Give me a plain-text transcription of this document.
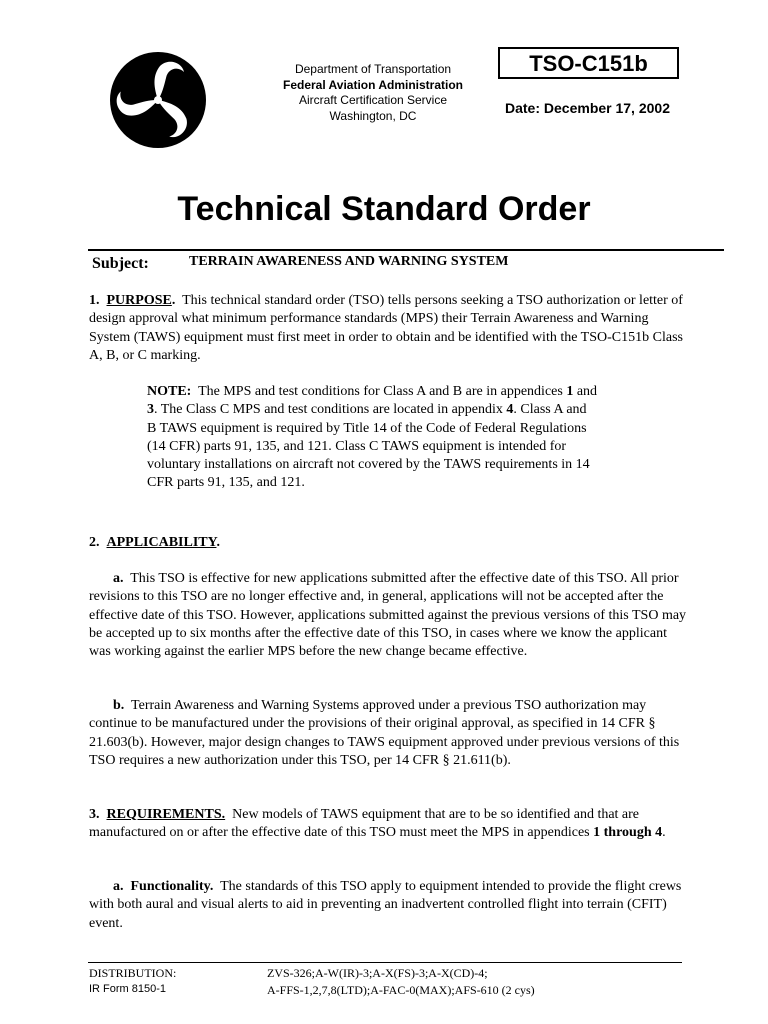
Department of Transportation
Federal Aviation Administration
Aircraft Certification Service
Washington, DC
TSO-C151b
Date: December 17, 2002
Technical Standard Order
Subject:	TERRAIN AWARENESS AND WARNING SYSTEM
1. PURPOSE. This technical standard order (TSO) tells persons seeking a TSO authorization or letter of design approval what minimum performance standards (MPS) their Terrain Awareness and Warning System (TAWS) equipment must first meet in order to obtain and be identified with the TSO-C151b Class A, B, or C marking.
NOTE: The MPS and test conditions for Class A and B are in appendices 1 and 3. The Class C MPS and test conditions are located in appendix 4. Class A and B TAWS equipment is required by Title 14 of the Code of Federal Regulations (14 CFR) parts 91, 135, and 121. Class C TAWS equipment is intended for voluntary installations on aircraft not covered by the TAWS requirements in 14 CFR parts 91, 135, and 121.
2. APPLICABILITY.
a. This TSO is effective for new applications submitted after the effective date of this TSO. All prior revisions to this TSO are no longer effective and, in general, applications will not be accepted after the effective date of this TSO. However, applications submitted against the previous versions of this TSO may be accepted up to six months after the effective date of this TSO, in cases where we know the applicant was working against the earlier MPS before the new change became effective.
b. Terrain Awareness and Warning Systems approved under a previous TSO authorization may continue to be manufactured under the provisions of their original approval, as specified in 14 CFR § 21.603(b). However, major design changes to TAWS equipment approved under previous versions of this TSO requires a new authorization under this TSO, per 14 CFR § 21.611(b).
3. REQUIREMENTS. New models of TAWS equipment that are to be so identified and that are manufactured on or after the effective date of this TSO must meet the MPS in appendices 1 through 4.
a. Functionality. The standards of this TSO apply to equipment intended to provide the flight crews with both aural and visual alerts to aid in preventing an inadvertent controlled flight into terrain (CFIT) event.
DISTRIBUTION:
IR Form 8150-1
ZVS-326;A-W(IR)-3;A-X(FS)-3;A-X(CD)-4;
A-FFS-1,2,7,8(LTD);A-FAC-0(MAX);AFS-610 (2 cys)
